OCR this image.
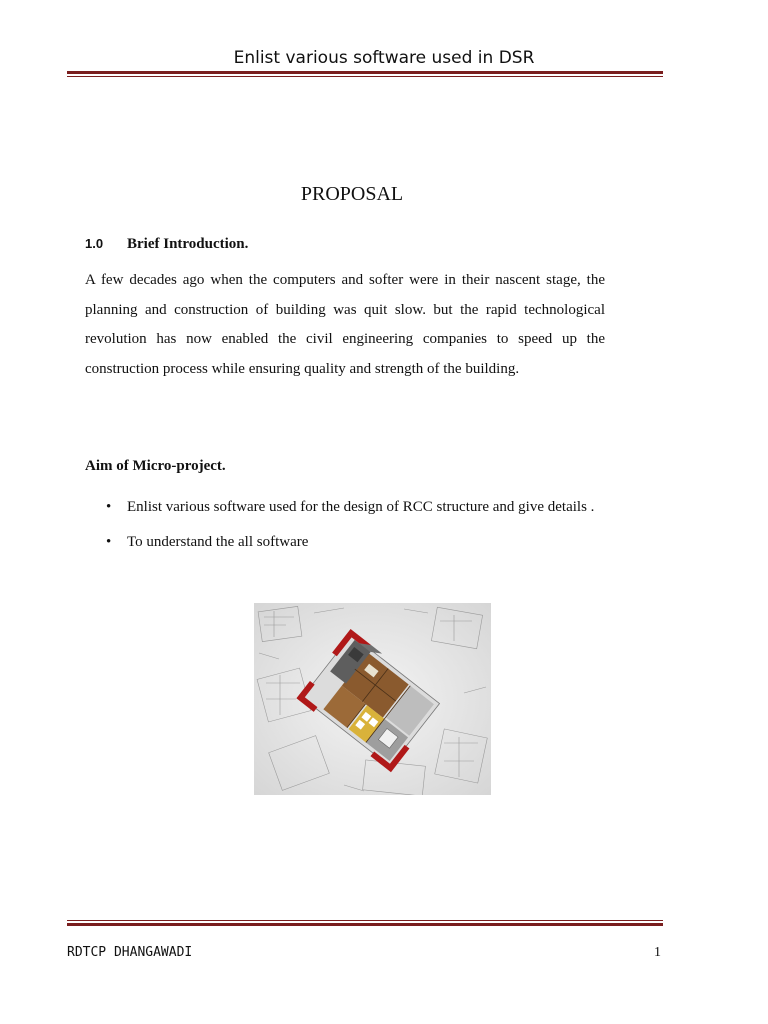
Enlist various software used in DSR
PROPOSAL
1.0 Brief Introduction.

A few decades ago when the computers and softer were in their nascent stage, the planning and construction of building was quit slow. but the rapid technological revolution has now enabled the civil engineering companies to speed up the construction process while ensuring quality and strength of the building.

Aim of Micro-project.
• Enlist various software used for the design of RCC structure and give details .
• To understand the all software
RDTCP DHANGAWADI	1
